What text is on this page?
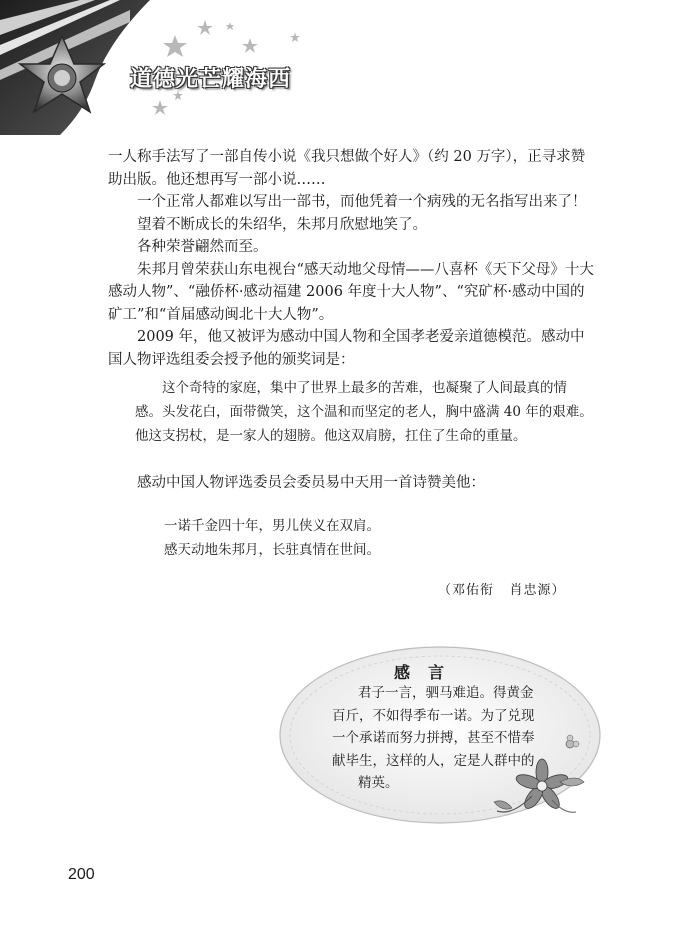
道德光芒耀海西

一人称手法写了一部自传小说《我只想做个好人》（约 20 万字），正寻求赞助出版。他还想再写一部小说……

一个正常人都难以写出一部书，而他凭着一个病残的无名指写出来了！

望着不断成长的朱绍华，朱邦月欣慰地笑了。

各种荣誉翩然而至。

朱邦月曾荣获山东电视台“感天动地父母情——八喜杯《天下父母》十大感动人物”、“融侨杯·感动福建 2006 年度十大人物”、“究矿杯·感动中国的矿工”和“首届感动闽北十大人物”。

2009 年，他又被评为感动中国人物和全国孝老爱亲道德模范。感动中国人物评选组委会授予他的颁奖词是：

这个奇特的家庭，集中了世界上最多的苦难，也凝聚了人间最真的情感。头发花白，面带微笑，这个温和而坚定的老人，胸中盛满 40 年的艰难。他这支拐杖，是一家人的翅膀。他这双肩膀，扛住了生命的重量。

感动中国人物评选委员会委员易中天用一首诗赞美他：

一诺千金四十年，男儿侠义在双肩。
感天动地朱邦月，长驻真情在世间。
（邓佑衔 肖忠源）
感言
君子一言，驷马难追。得黄金
百斤，不如得季布一诺。为了兑现
一个承诺而努力拼搏，甚至不惜奉
献毕生，这样的人，定是人群中的
精英。
200
